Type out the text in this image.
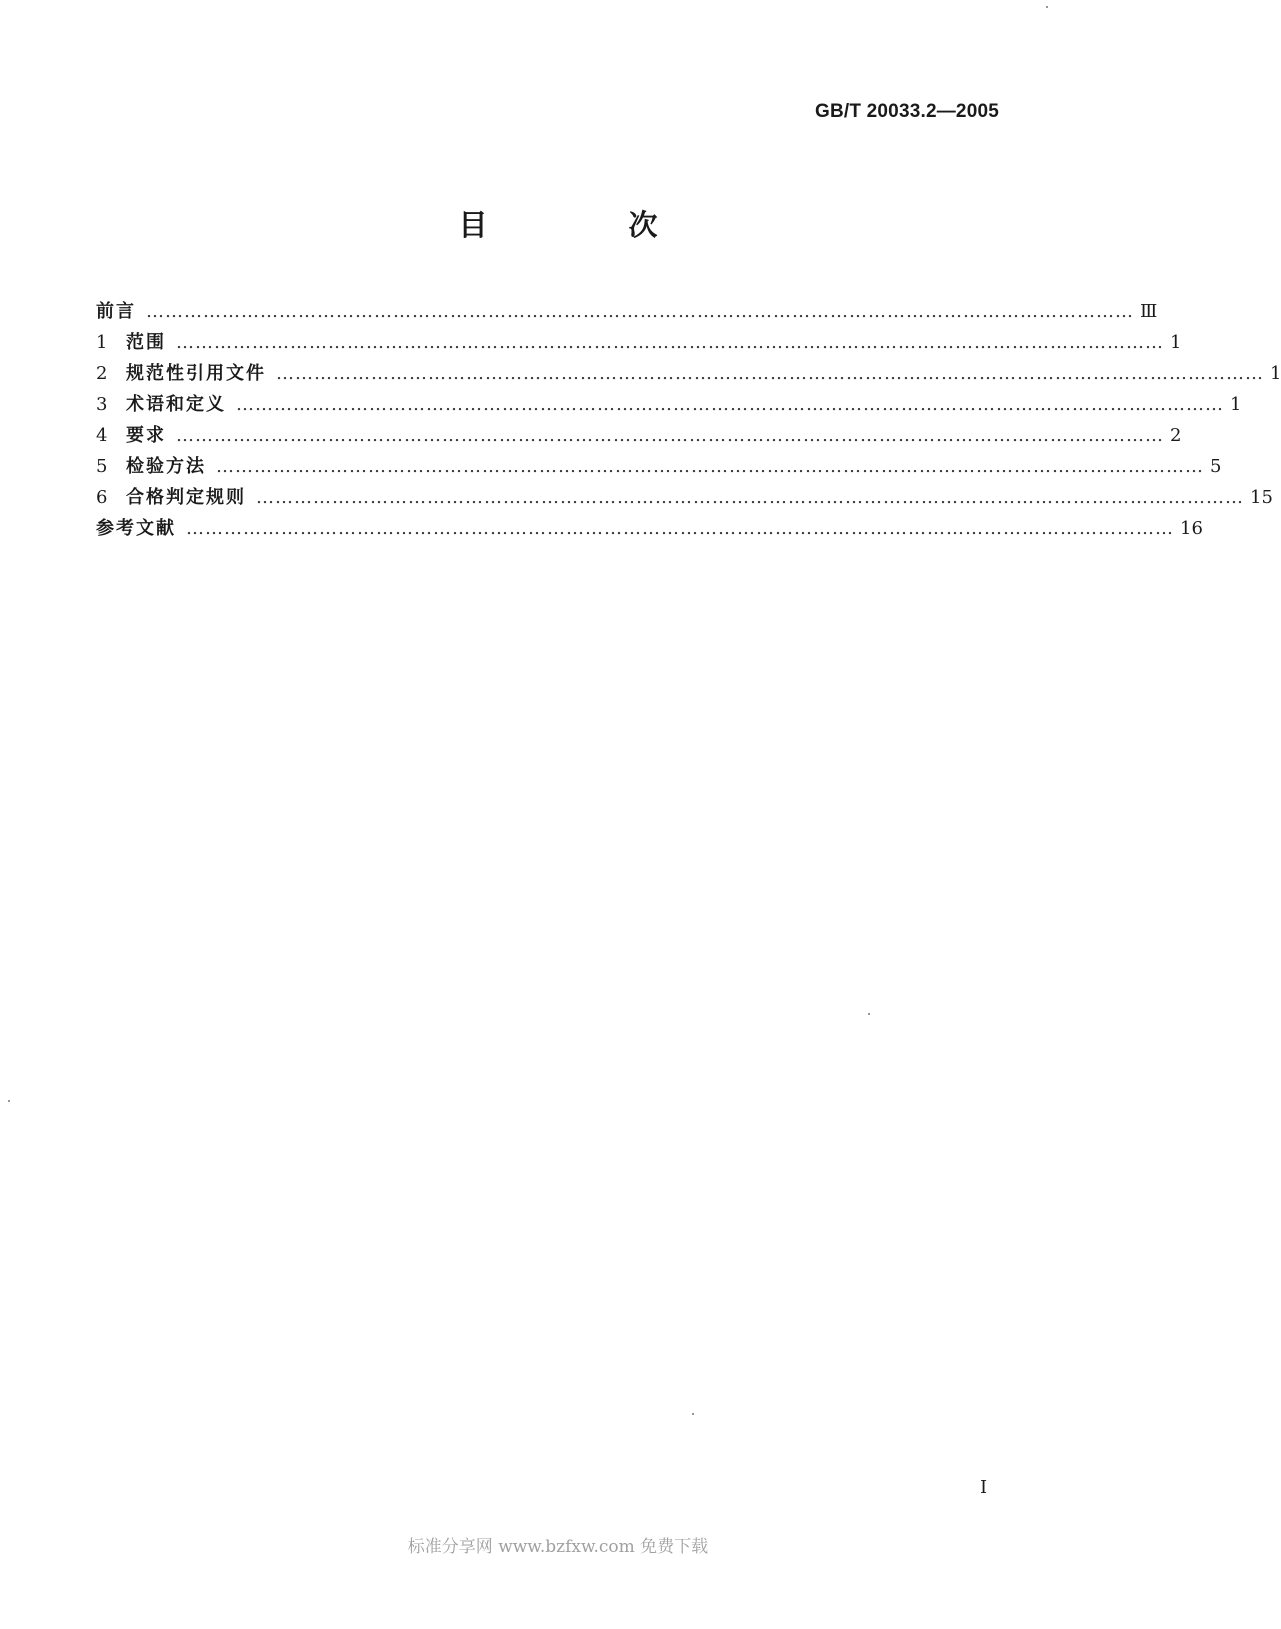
GB/T 20033.2—2005
目　次
前言 ………………………………………………………………………………………………………………………………………… Ⅲ
1	范围 ………………………………………………………………………………………………………………………………………… 1
2	规范性引用文件 ………………………………………………………………………………………………………………………………………… 1
3	术语和定义 ………………………………………………………………………………………………………………………………………… 1
4	要求 ………………………………………………………………………………………………………………………………………… 2
5	检验方法 ………………………………………………………………………………………………………………………………………… 5
6	合格判定规则 ………………………………………………………………………………………………………………………………………… 15
参考文献 ………………………………………………………………………………………………………………………………………… 16
I
标准分享网 www.bzfxw.com 免费下载
